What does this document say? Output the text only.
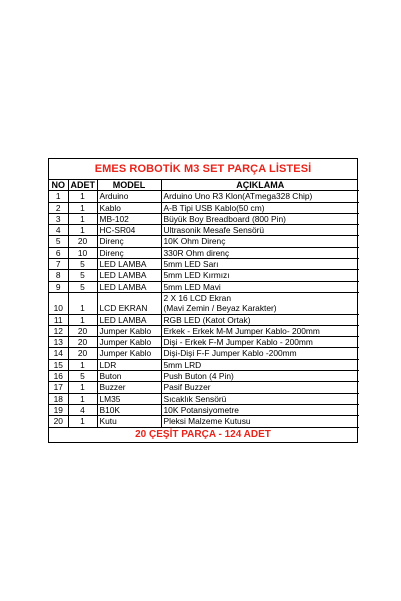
EMES ROBOTİK M3 SET PARÇA LİSTESİ
NO	ADET	MODEL	AÇIKLAMA
1	1	Arduino	Arduino Uno R3 Klon(ATmega328 Chip)
2	1	Kablo	A-B Tipi USB Kablo(50 cm)
3	1	MB-102	Büyük Boy Breadboard (800 Pin)
4	1	HC-SR04	Ultrasonik Mesafe Sensörü
5	20	Direnç	10K Ohm Direnç
6	10	Direnç	330R Ohm direnç
7	5	LED LAMBA	5mm LED Sarı
8	5	LED LAMBA	5mm LED Kırmızı
9	5	LED LAMBA	5mm LED Mavi
10	1	LCD EKRAN	2 X 16 LCD Ekran
(Mavi Zemin / Beyaz Karakter)
11	1	LED LAMBA	RGB LED (Katot Ortak)
12	20	Jumper Kablo	Erkek - Erkek M-M Jumper Kablo- 200mm
13	20	Jumper Kablo	Dişi - Erkek F-M Jumper Kablo - 200mm
14	20	Jumper Kablo	Dişi-Dişi F-F Jumper Kablo -200mm
15	1	LDR	5mm LRD
16	5	Buton	Push Buton (4 Pin)
17	1	Buzzer	Pasif Buzzer
18	1	LM35	Sıcaklık Sensörü
19	4	B10K	10K Potansiyometre
20	1	Kutu	Pleksi Malzeme Kutusu
20 ÇEŞİT PARÇA - 124 ADET
